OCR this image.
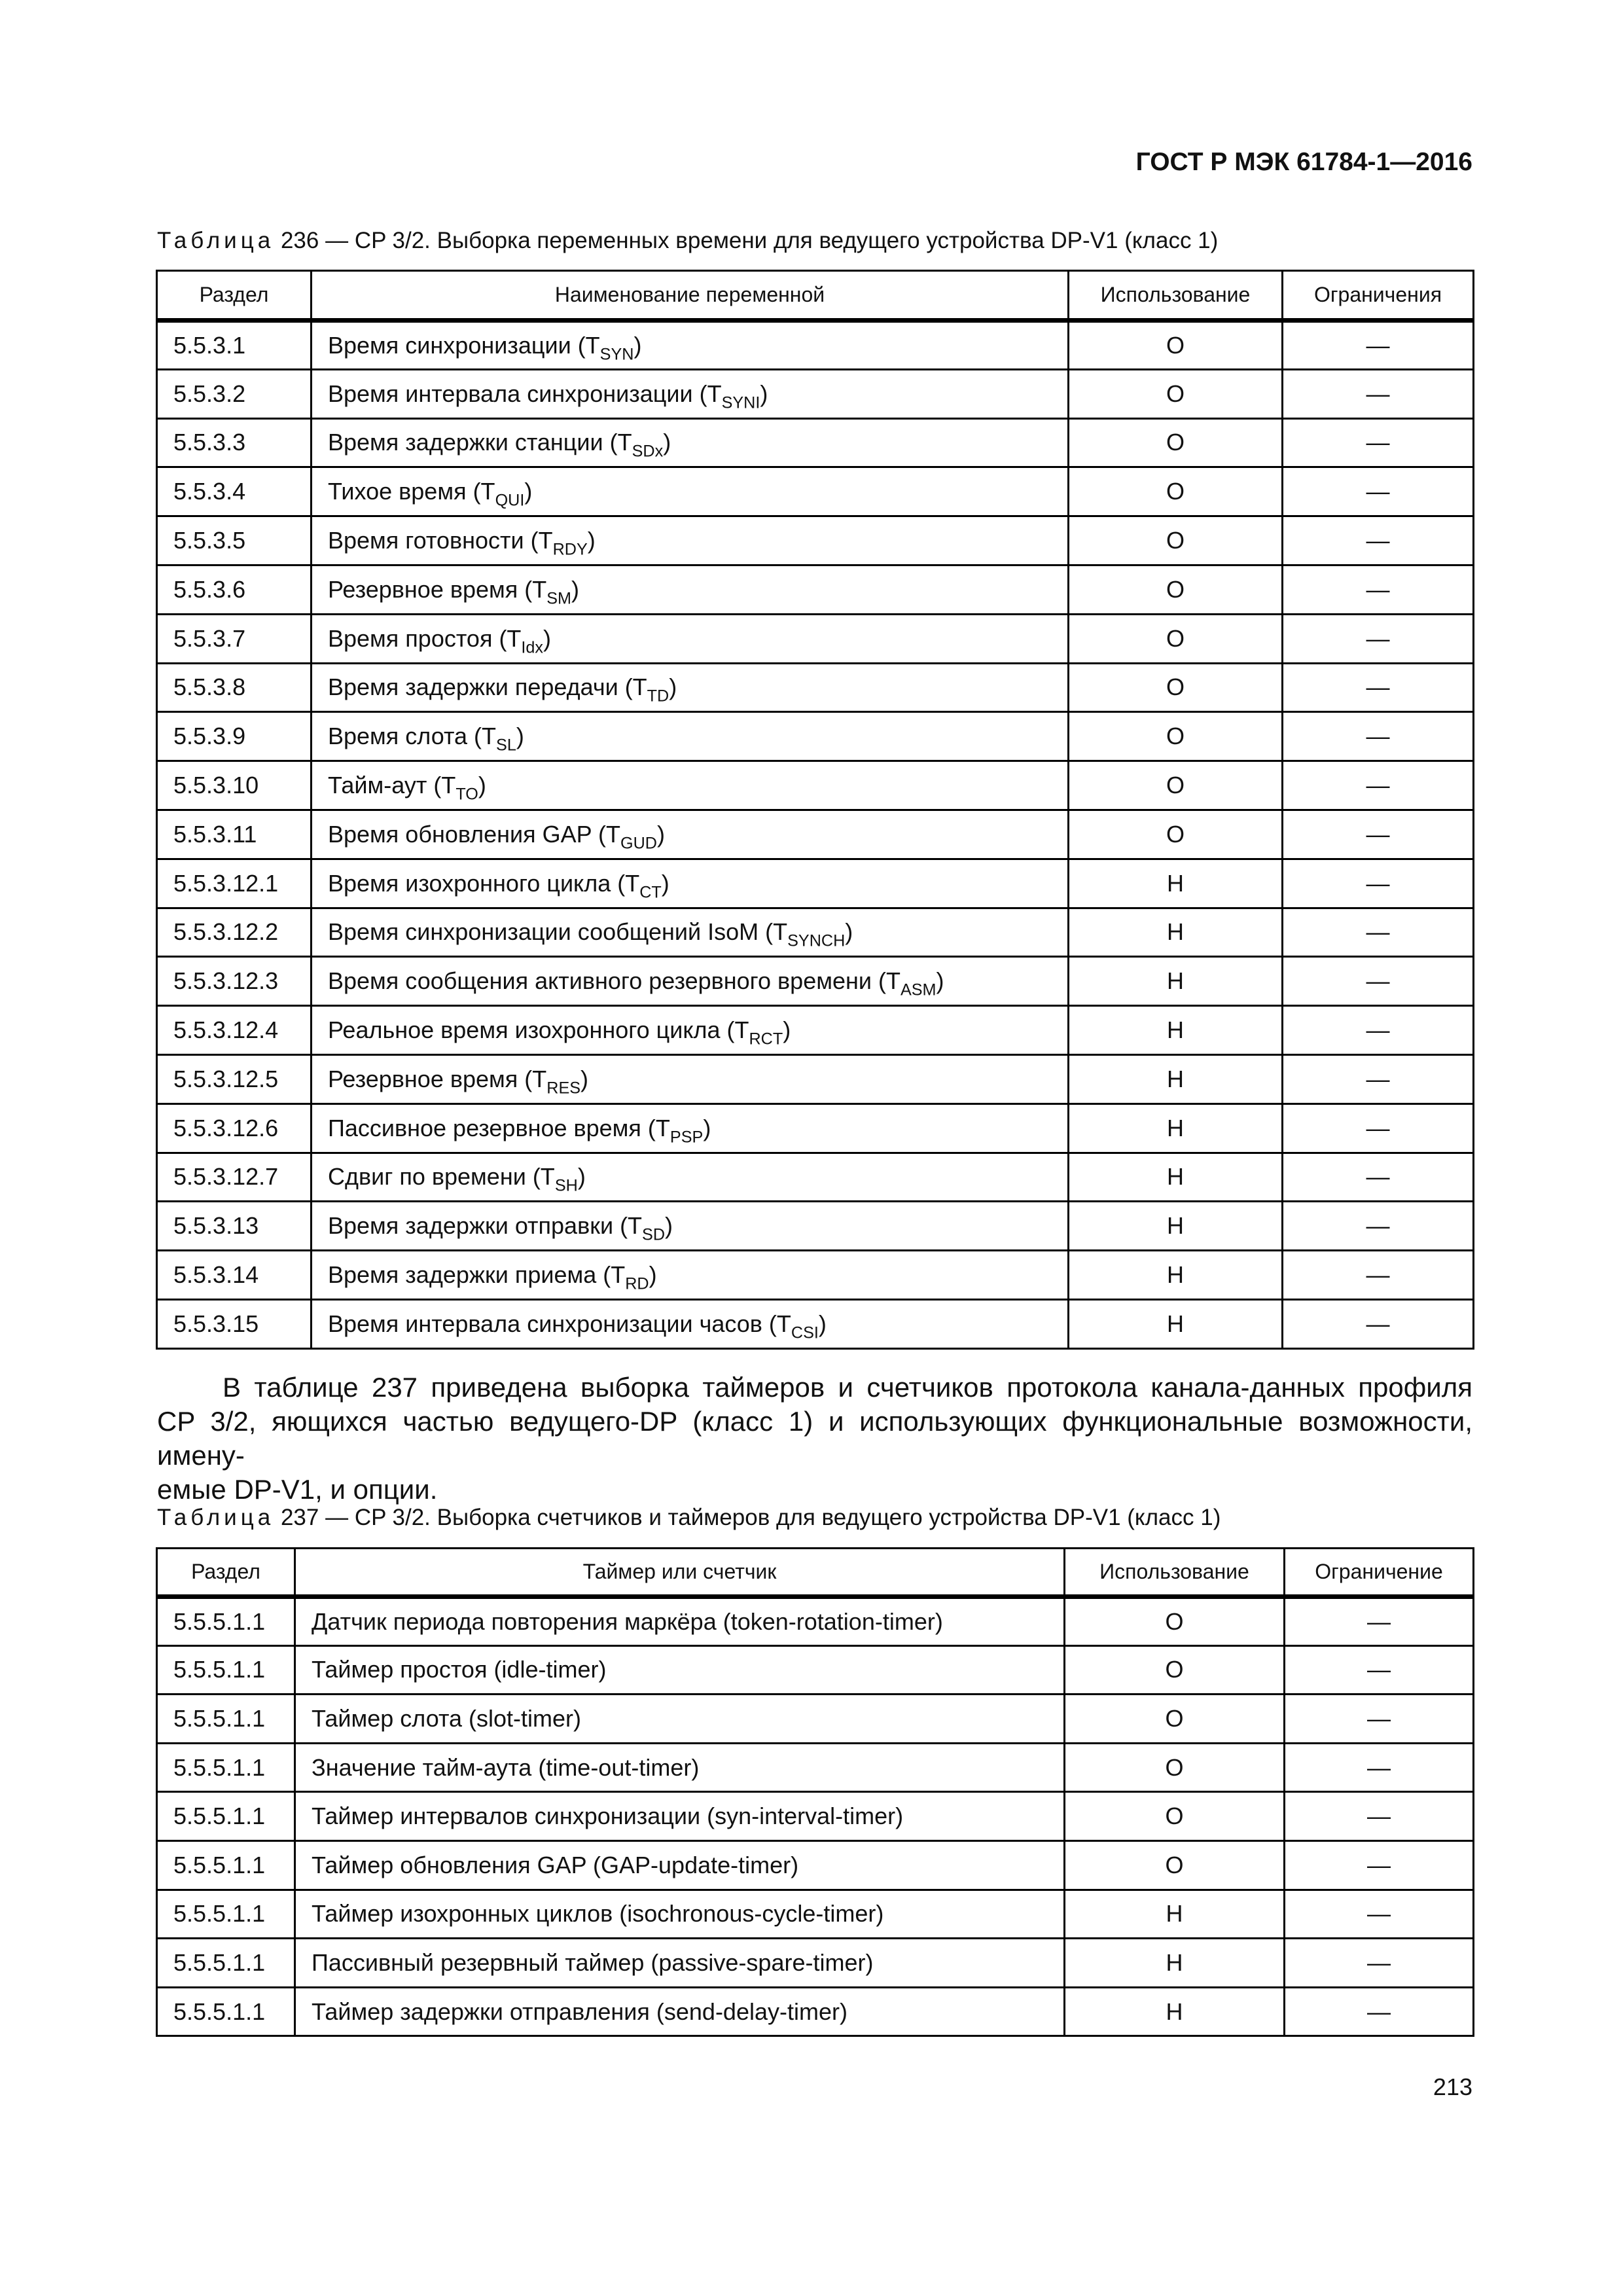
ГОСТ Р МЭК 61784-1—2016
Таблица 236 — CP 3/2. Выборка переменных времени для ведущего устройства DP-V1 (класс 1)
Раздел	Наименование переменной	Использование	Ограничения
5.5.3.1	Время синхронизации $(T_{SYN})$	O	—
5.5.3.2	Время интервала синхронизации $(T_{SYNI})$	O	—
5.5.3.3	Время задержки станции $(T_{SDx})$	O	—
5.5.3.4	Тихое время $(T_{QUI})$	O	—
5.5.3.5	Время готовности $(T_{RDY})$	O	—
5.5.3.6	Резервное время $(T_{SM})$	O	—
5.5.3.7	Время простоя $(T_{Idx})$	O	—
5.5.3.8	Время задержки передачи $(T_{TD})$	O	—
5.5.3.9	Время слота $(T_{SL})$	O	—
5.5.3.10	Тайм-аут $(T_{TO})$	O	—
5.5.3.11	Время обновления GAP $(T_{GUD})$	O	—
5.5.3.12.1	Время изохронного цикла $(T_{CT})$	H	—
5.5.3.12.2	Время синхронизации сообщений IsoM $(T_{SYNCH})$	H	—
5.5.3.12.3	Время сообщения активного резервного времени $(T_{ASM})$	H	—
5.5.3.12.4	Реальное время изохронного цикла $(T_{RCT})$	H	—
5.5.3.12.5	Резервное время $(T_{RES})$	H	—
5.5.3.12.6	Пассивное резервное время $(T_{PSP})$	H	—
5.5.3.12.7	Сдвиг по времени $(T_{SH})$	H	—
5.5.3.13	Время задержки отправки $(T_{SD})$	H	—
5.5.3.14	Время задержки приема $(T_{RD})$	H	—
5.5.3.15	Время интервала синхронизации часов $(T_{CSI})$	H	—
В таблице 237 приведена выборка таймеров и счетчиков протокола канала-данных профиля
CP 3/2, яющихся частью ведущего-DP (класс 1) и использующих функциональные возможности, имену-
емые DP-V1, и опции.
Таблица 237 — CP 3/2. Выборка счетчиков и таймеров для ведущего устройства DP-V1 (класс 1)
Раздел	Таймер или счетчик	Использование	Ограничение
5.5.5.1.1	Датчик периода повторения маркёра (token-rotation-timer)	O	—
5.5.5.1.1	Таймер простоя (idle-timer)	O	—
5.5.5.1.1	Таймер слота (slot-timer)	O	—
5.5.5.1.1	Значение тайм-аута (time-out-timer)	O	—
5.5.5.1.1	Таймер интервалов синхронизации (syn-interval-timer)	O	—
5.5.5.1.1	Таймер обновления GAP (GAP-update-timer)	O	—
5.5.5.1.1	Таймер изохронных циклов (isochronous-cycle-timer)	H	—
5.5.5.1.1	Пассивный резервный таймер (passive-spare-timer)	H	—
5.5.5.1.1	Таймер задержки отправления (send-delay-timer)	H	—
213
